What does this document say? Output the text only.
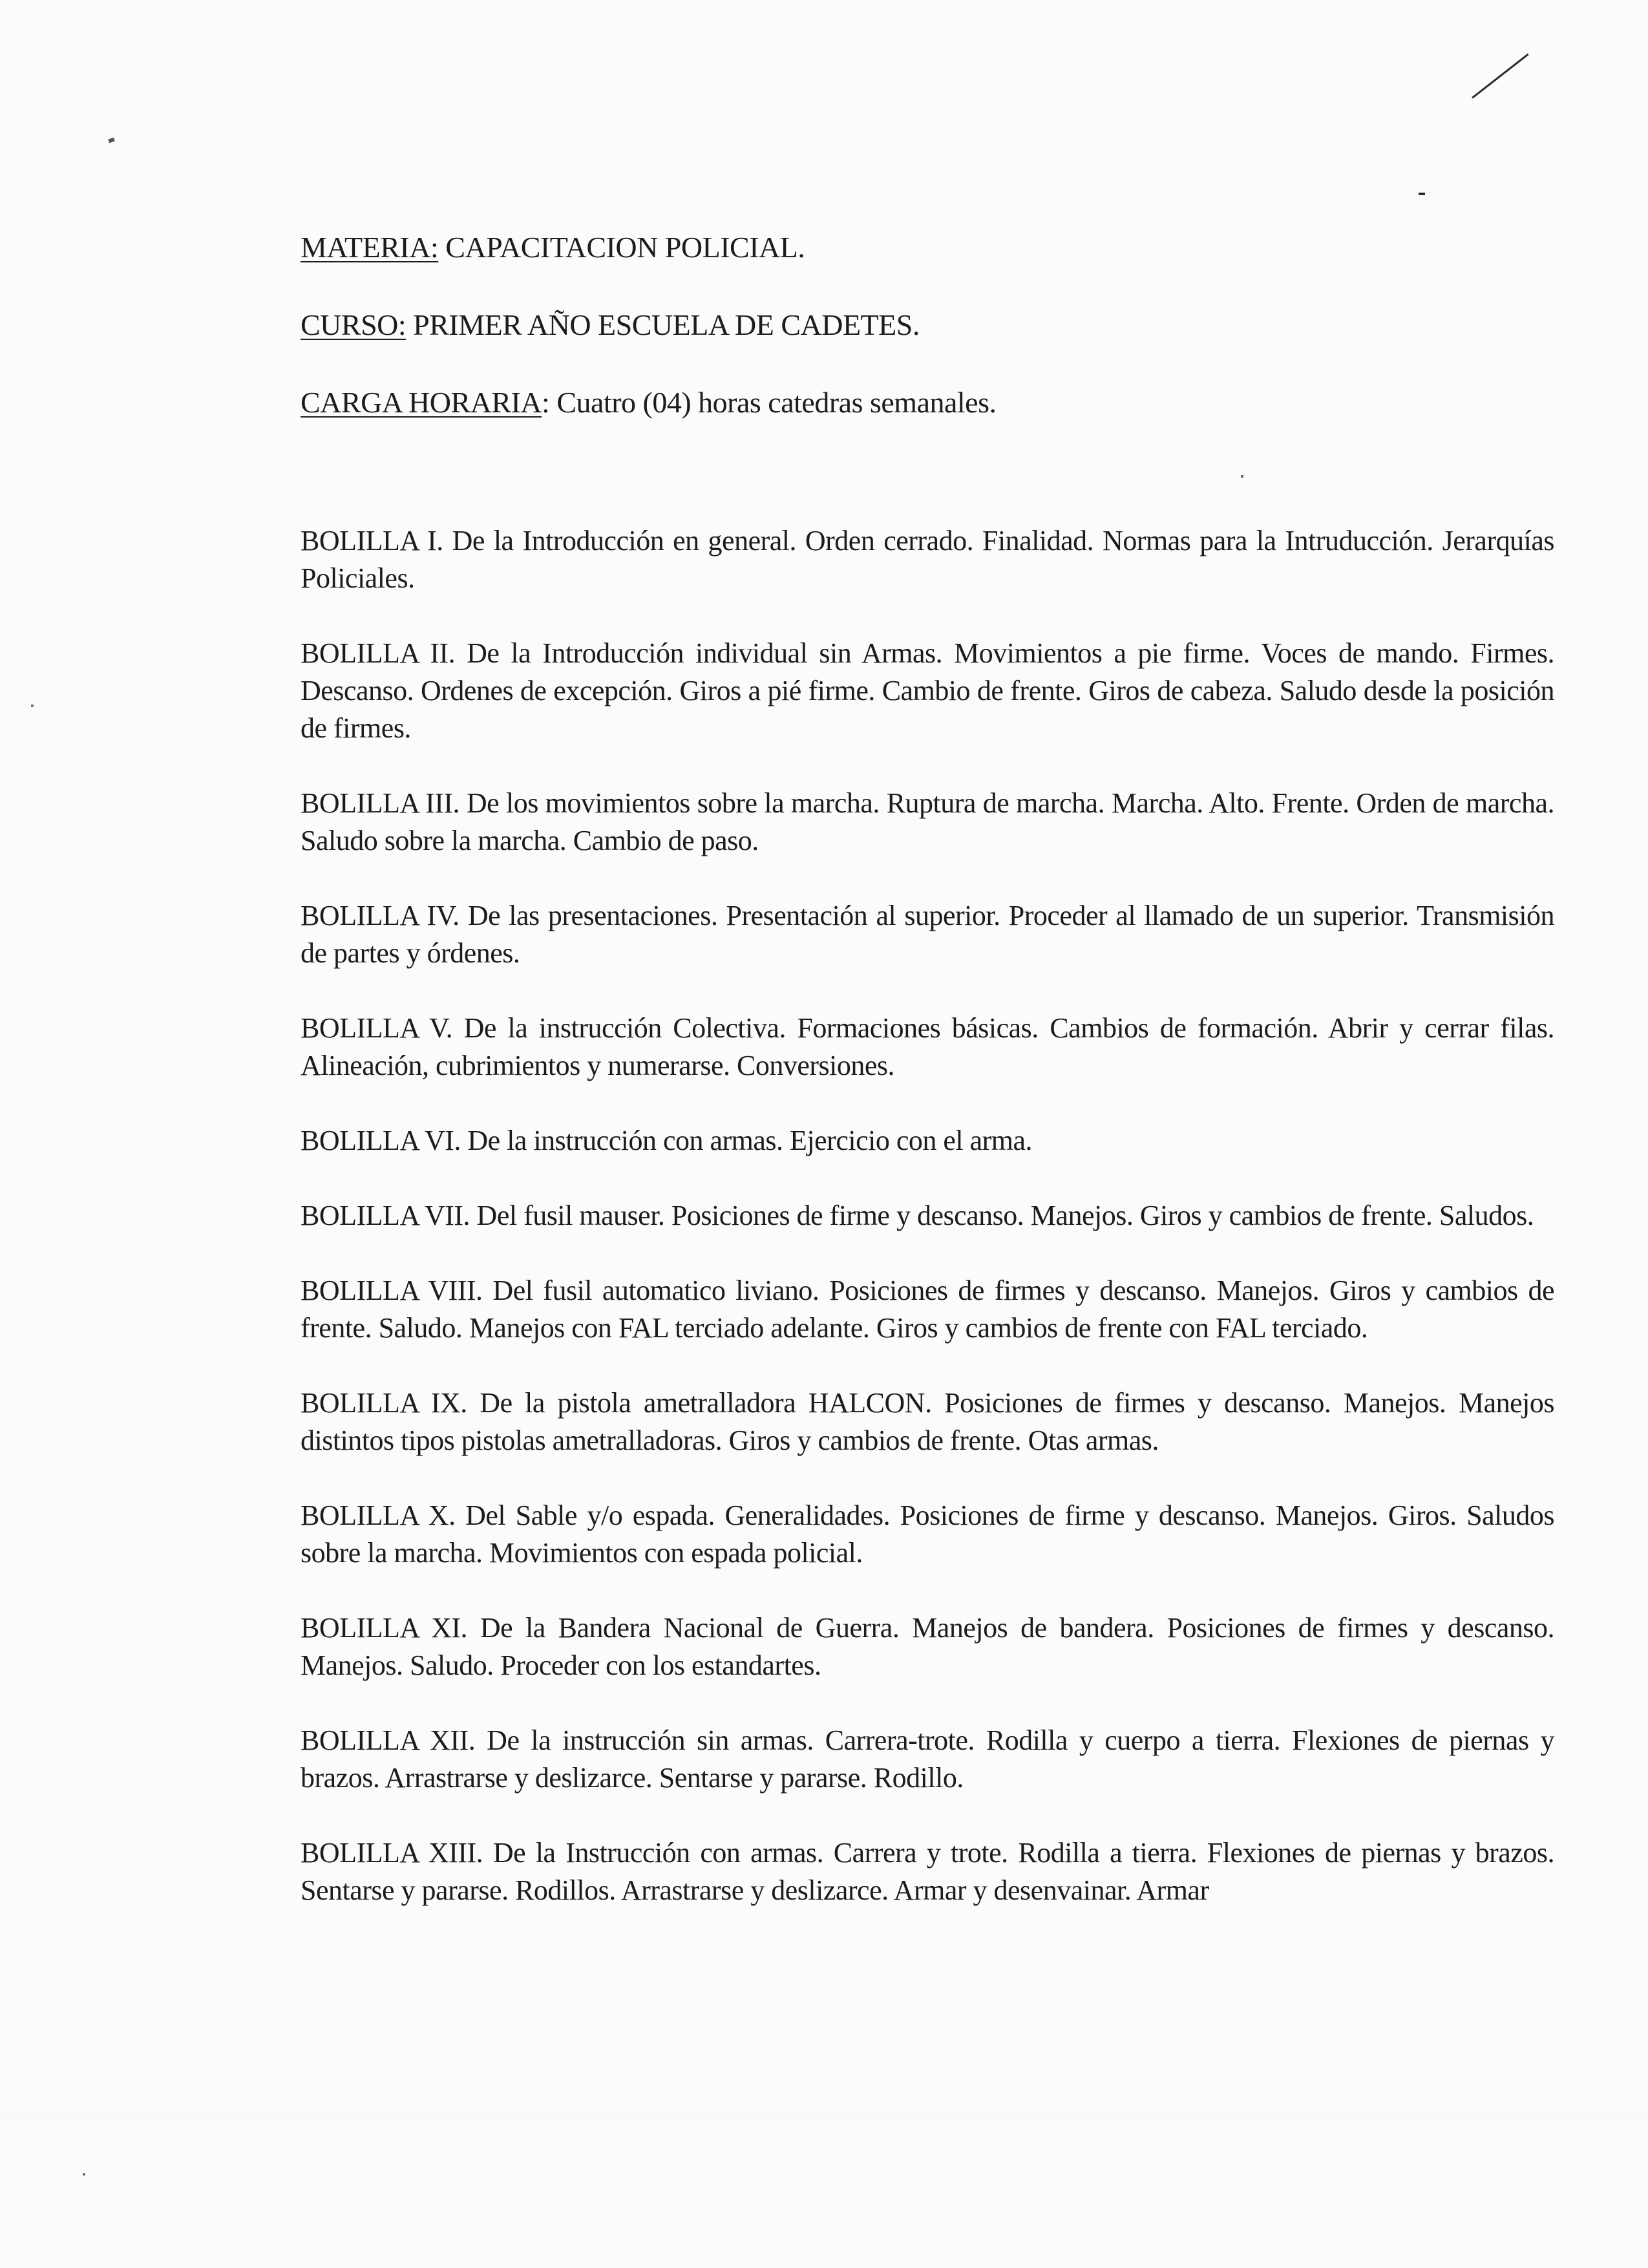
MATERIA: CAPACITACION POLICIAL.
CURSO: PRIMER AÑO ESCUELA DE CADETES.
CARGA HORARIA: Cuatro (04) horas catedras semanales.

BOLILLA I. De la Introducción en general. Orden cerrado. Finalidad. Normas para la Intruducción. Jerarquías Policiales.

BOLILLA II. De la Introducción individual sin Armas. Movimientos a pie firme. Voces de mando. Firmes. Descanso. Ordenes de excepción. Giros a pié firme. Cambio de frente. Giros de cabeza. Saludo desde la posición de firmes.

BOLILLA III. De los movimientos sobre la marcha. Ruptura de marcha. Marcha. Alto. Frente. Orden de marcha. Saludo sobre la marcha. Cambio de paso.

BOLILLA IV. De las presentaciones. Presentación al superior. Proceder al llamado de un superior. Transmisión de partes y órdenes.

BOLILLA V. De la instrucción Colectiva. Formaciones básicas. Cambios de formación. Abrir y cerrar filas. Alineación, cubrimientos y numerarse. Conversiones.

BOLILLA VI. De la instrucción con armas. Ejercicio con el arma.

BOLILLA VII. Del fusil mauser. Posiciones de firme y descanso. Manejos. Giros y cambios de frente. Saludos.

BOLILLA VIII. Del fusil automatico liviano. Posiciones de firmes y descanso. Manejos. Giros y cambios de frente. Saludo. Manejos con FAL terciado adelante. Giros y cambios de frente con FAL terciado.

BOLILLA IX. De la pistola ametralladora HALCON. Posiciones de firmes y descanso. Manejos. Manejos distintos tipos pistolas ametralladoras. Giros y cambios de frente. Otas armas.

BOLILLA X. Del Sable y/o espada. Generalidades. Posiciones de firme y descanso. Manejos. Giros. Saludos sobre la marcha. Movimientos con espada policial.

BOLILLA XI. De la Bandera Nacional de Guerra. Manejos de bandera. Posiciones de firmes y descanso. Manejos. Saludo. Proceder con los estandartes.

BOLILLA XII. De la instrucción sin armas. Carrera-trote. Rodilla y cuerpo a tierra. Flexiones de piernas y brazos. Arrastrarse y deslizarce. Sentarse y pararse. Rodillo.

BOLILLA XIII. De la Instrucción con armas. Carrera y trote. Rodilla a tierra. Flexiones de piernas y brazos. Sentarse y pararse. Rodillos. Arrastrarse y deslizarce. Armar y desenvainar. Armar
